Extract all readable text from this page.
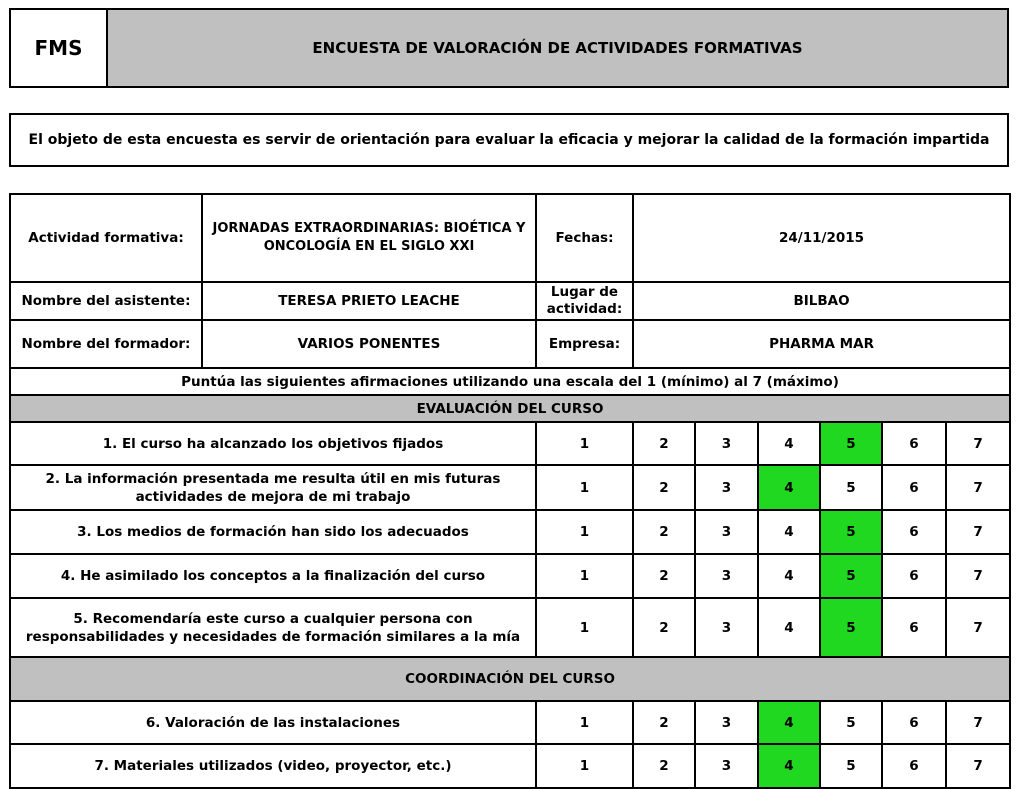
FMS	ENCUESTA DE VALORACIÓN DE ACTIVIDADES FORMATIVAS
El objeto de esta encuesta es servir de orientación para evaluar la eficacia y mejorar la calidad de la formación impartida
Actividad formativa:	JORNADAS EXTRAORDINARIAS: BIOÉTICA Y ONCOLOGÍA EN EL SIGLO XXI	Fechas:	24/11/2015					
Nombre del asistente:	TERESA PRIETO LEACHE	Lugar de actividad:	BILBAO					
Nombre del formador:	VARIOS PONENTES	Empresa:	PHARMA MAR					
Puntúa las siguientes afirmaciones utilizando una escala del 1 (mínimo) al 7 (máximo)								
EVALUACIÓN DEL CURSO								
1. El curso ha alcanzado los objetivos fijados		1	2	3	4	5	6	7
2. La información presentada me resulta útil en mis futuras actividades de mejora de mi trabajo		1	2	3	4	5	6	7
3. Los medios de formación han sido los adecuados		1	2	3	4	5	6	7
4. He asimilado los conceptos a la finalización del curso		1	2	3	4	5	6	7
5. Recomendaría este curso a cualquier persona con responsabilidades y necesidades de formación similares a la mía		1	2	3	4	5	6	7
COORDINACIÓN DEL CURSO								
6. Valoración de las instalaciones		1	2	3	4	5	6	7
7. Materiales utilizados (video, proyector, etc.)		1	2	3	4	5	6	7
